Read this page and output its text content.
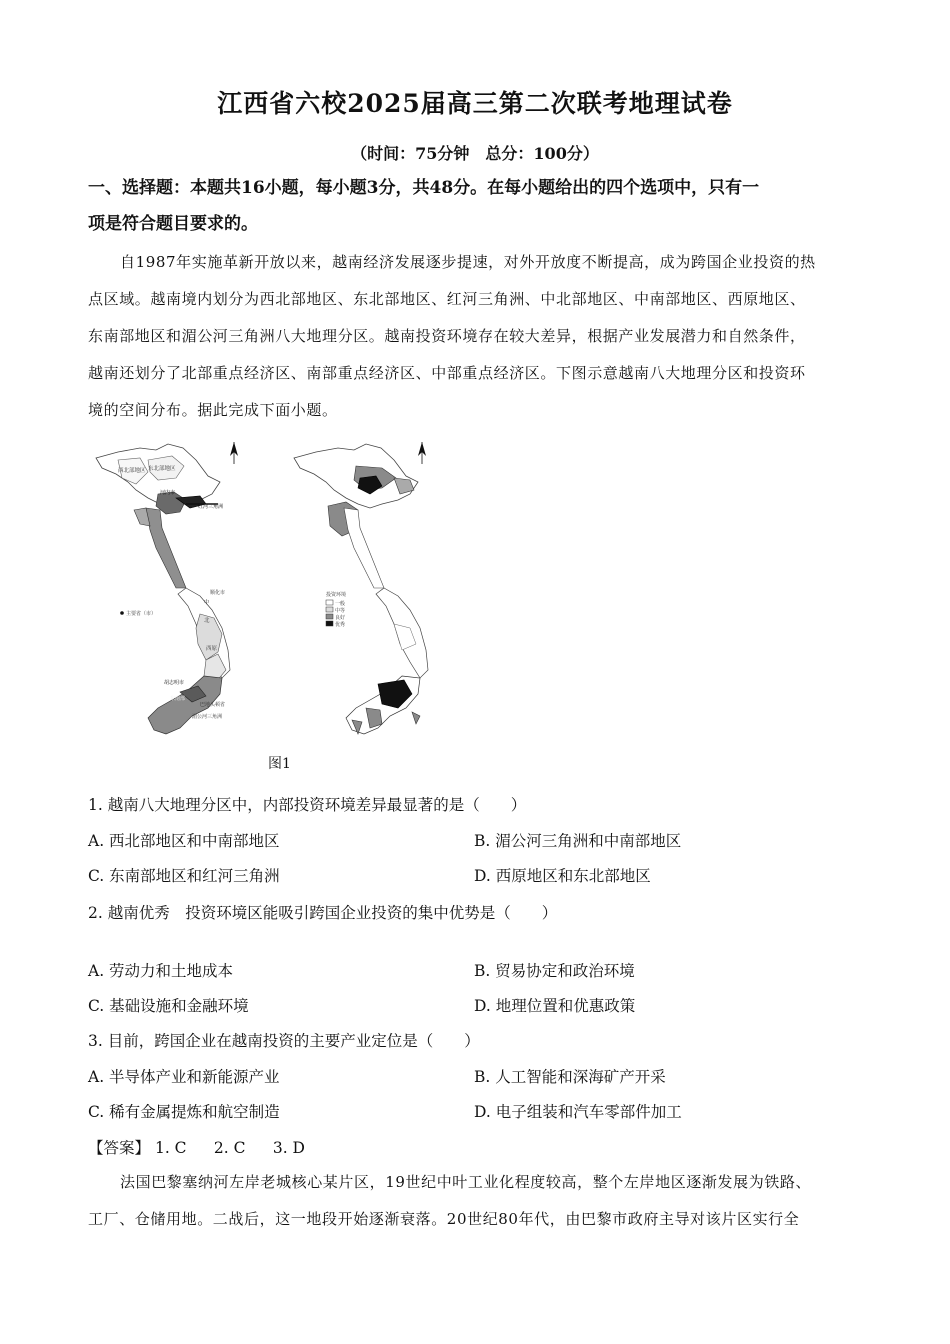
江西省六校2025届高三第二次联考地理试卷
（时间：75分钟　总分：100分）
一、选择题：本题共16小题，每小题3分，共48分。在每小题给出的四个选项中，只有一
项是符合题目要求的。
自1987年实施革新开放以来，越南经济发展逐步提速，对外开放度不断提高，成为跨国企业投资的热
点区域。越南境内划分为西北部地区、东北部地区、红河三角洲、中北部地区、中南部地区、西原地区、
东南部地区和湄公河三角洲八大地理分区。越南投资环境存在较大差异，根据产业发展潜力和自然条件，
越南还划分了北部重点经济区、南部重点经济区、中部重点经济区。下图示意越南八大地理分区和投资环
境的空间分布。据此完成下面小题。
东北部地区
西北部地区
河内市
红河三角洲
顺化市
中
北
西原
主要省（市）
胡志明市
巴地头顿省
湄公河三角洲
东南部
投资环境
一般
中等
良好
优秀
图1
1. 越南八大地理分区中，内部投资环境差异最显著的是（　　）
A. 西北部地区和中南部地区	B. 湄公河三角洲和中南部地区
C. 东南部地区和红河三角洲	D. 西原地区和东北部地区
2. 越南优秀　投资环境区能吸引跨国企业投资的集中优势是（　　）
A. 劳动力和土地成本	B. 贸易协定和政治环境
C. 基础设施和金融环境	D. 地理位置和优惠政策
3. 目前，跨国企业在越南投资的主要产业定位是（　　）
A. 半导体产业和新能源产业	B. 人工智能和深海矿产开采
C. 稀有金属提炼和航空制造	D. 电子组装和汽车零部件加工
【答案】 1. C 2. C 3. D
法国巴黎塞纳河左岸老城核心某片区，19世纪中叶工业化程度较高，整个左岸地区逐渐发展为铁路、
工厂、仓储用地。二战后，这一地段开始逐渐衰落。20世纪80年代，由巴黎市政府主导对该片区实行全
